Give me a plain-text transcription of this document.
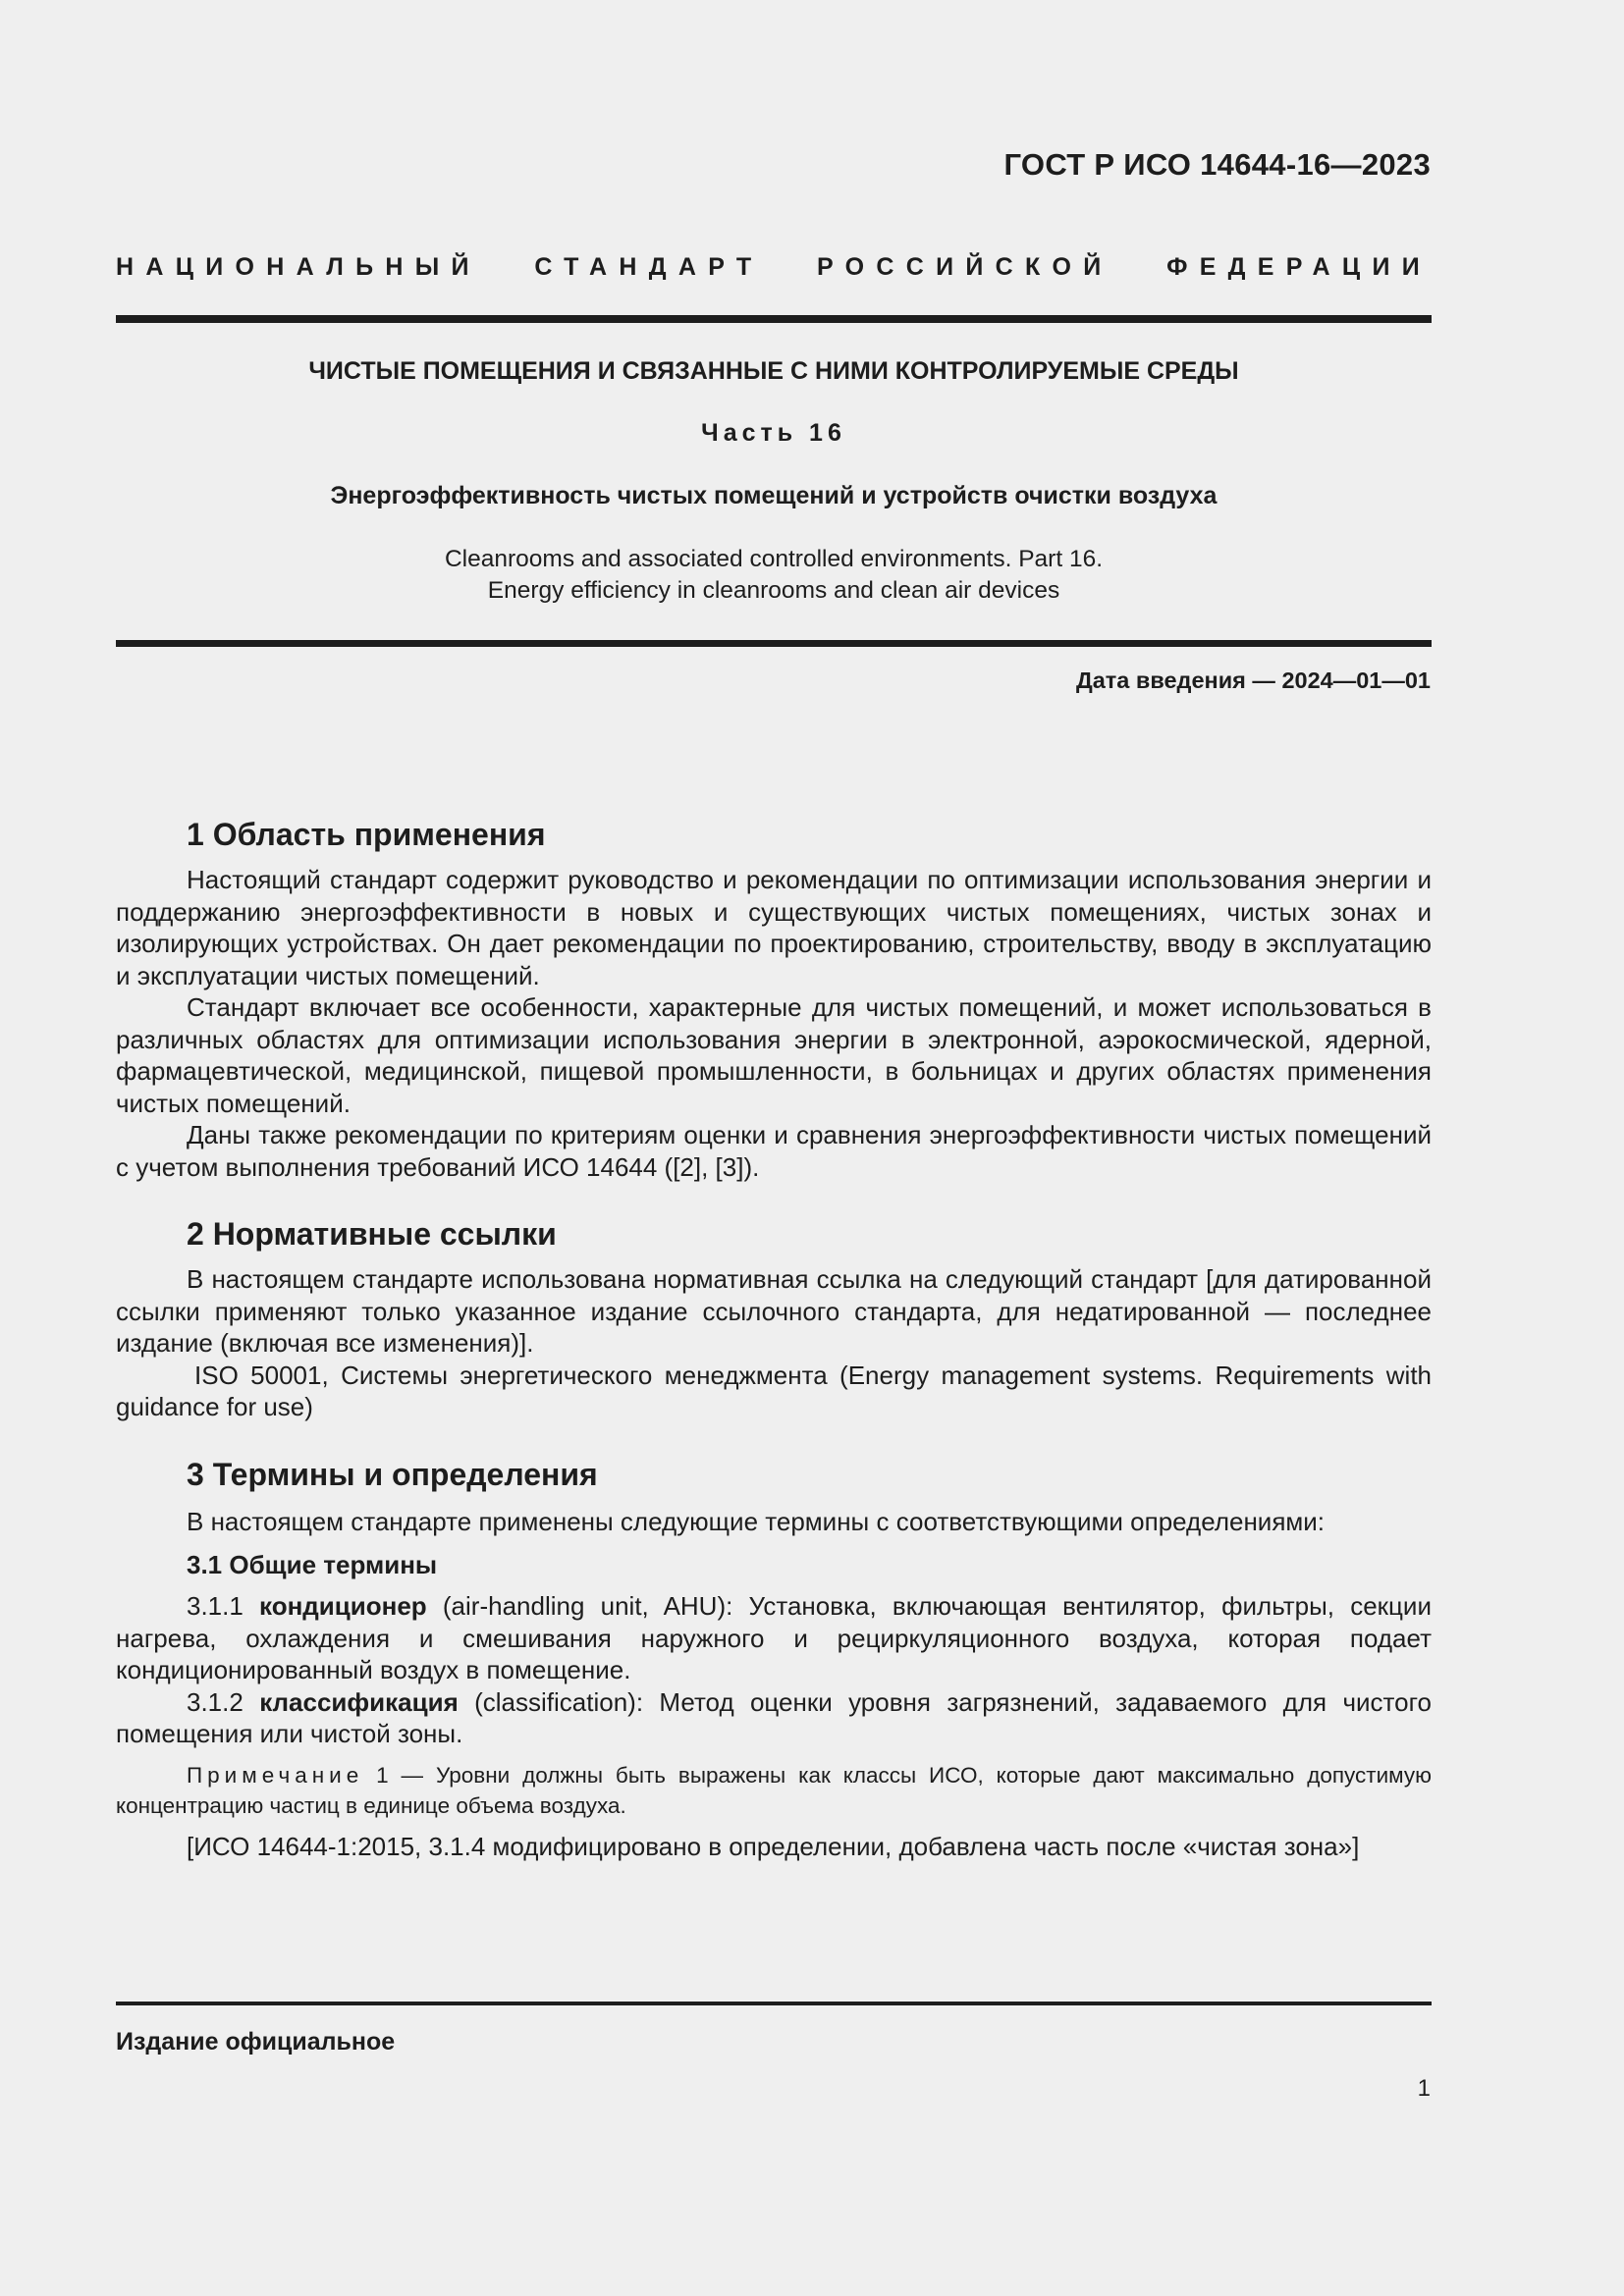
ГОСТ Р ИСО 14644-16—2023
НАЦИОНАЛЬНЫЙ СТАНДАРТ РОССИЙСКОЙ ФЕДЕРАЦИИ
ЧИСТЫЕ ПОМЕЩЕНИЯ И СВЯЗАННЫЕ С НИМИ КОНТРОЛИРУЕМЫЕ СРЕДЫ
Часть 16
Энергоэффективность чистых помещений и устройств очистки воздуха
Cleanrooms and associated controlled environments. Part 16.
Energy efficiency in cleanrooms and clean air devices
Дата введения — 2024—01—01
1 Область применения

Настоящий стандарт содержит руководство и рекомендации по оптимизации использования энергии и поддержанию энергоэффективности в новых и существующих чистых помещениях, чистых зонах и изолирующих устройствах. Он дает рекомендации по проектированию, строительству, вводу в эксплуатацию и эксплуатации чистых помещений.

Стандарт включает все особенности, характерные для чистых помещений, и может использоваться в различных областях для оптимизации использования энергии в электронной, аэрокосмической, ядерной, фармацевтической, медицинской, пищевой промышленности, в больницах и других областях применения чистых помещений.

Даны также рекомендации по критериям оценки и сравнения энергоэффективности чистых помещений с учетом выполнения требований ИСО 14644 ([2], [3]).

2 Нормативные ссылки

В настоящем стандарте использована нормативная ссылка на следующий стандарт [для датированной ссылки применяют только указанное издание ссылочного стандарта, для недатированной — последнее издание (включая все изменения)].

ISO 50001, Системы энергетического менеджмента (Energy management systems. Requirements with guidance for use)

3 Термины и определения

В настоящем стандарте применены следующие термины с соответствующими определениями:

3.1 Общие термины

3.1.1 кондиционер (air-handling unit, AHU): Установка, включающая вентилятор, фильтры, секции нагрева, охлаждения и смешивания наружного и рециркуляционного воздуха, которая подает кондиционированный воздух в помещение.

3.1.2 классификация (classification): Метод оценки уровня загрязнений, задаваемого для чистого помещения или чистой зоны.

Примечание 1 — Уровни должны быть выражены как классы ИСО, которые дают максимально допустимую концентрацию частиц в единице объема воздуха.

[ИСО 14644-1:2015, 3.1.4 модифицировано в определении, добавлена часть после «чистая зона»]

Издание официальное
1
